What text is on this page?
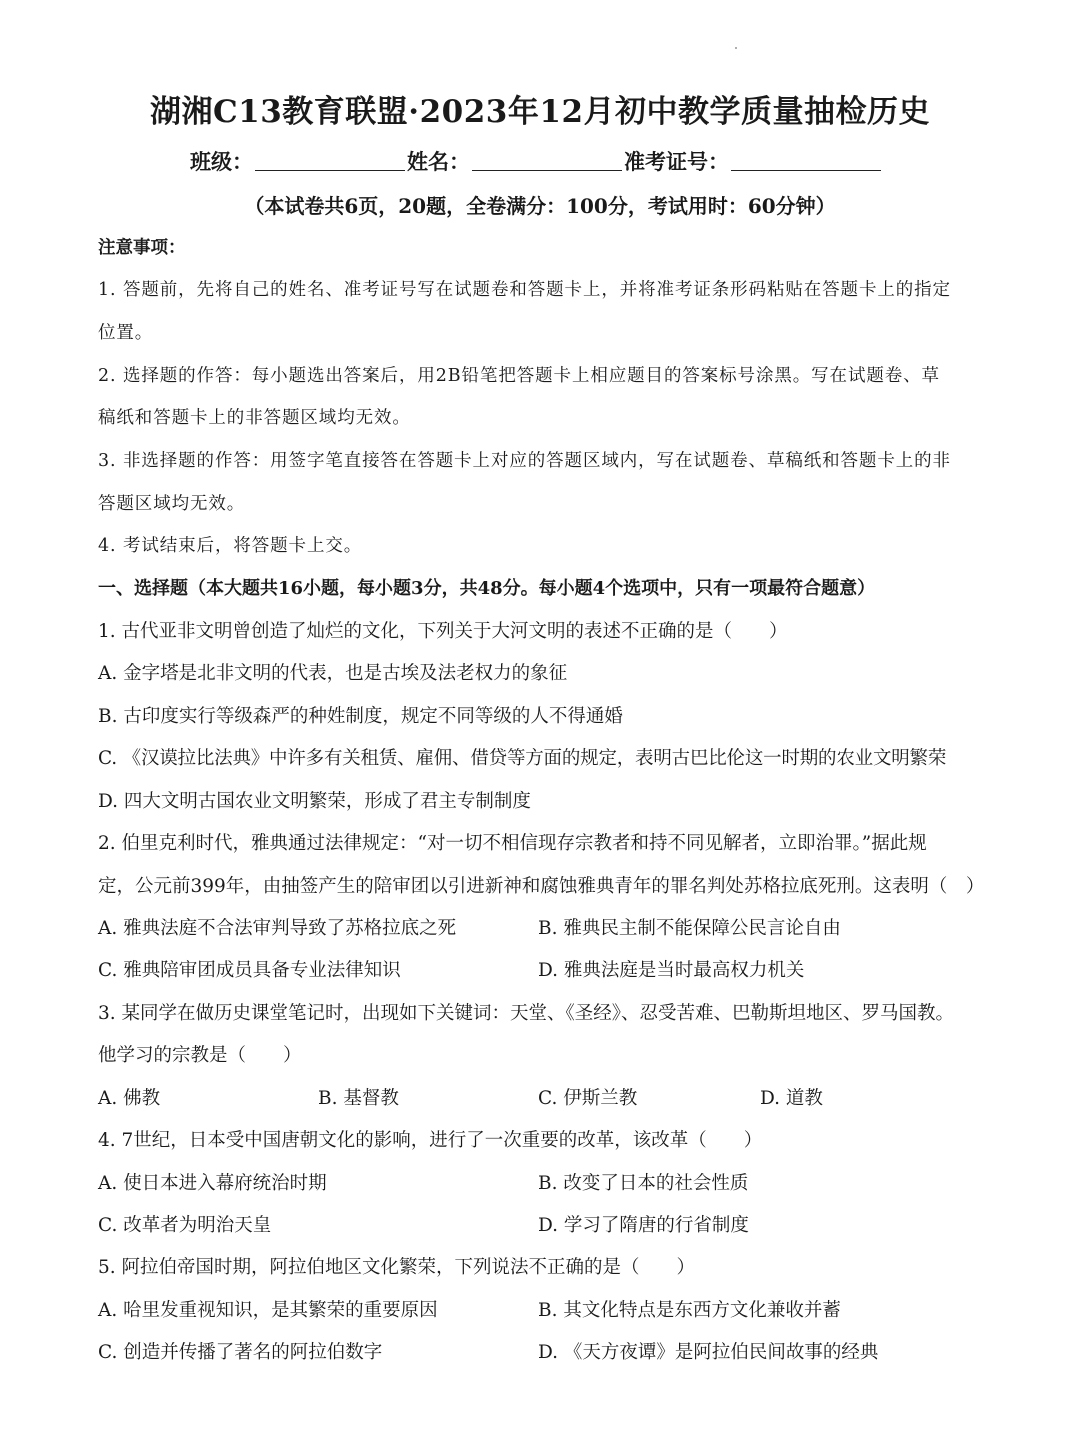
湖湘C13教育联盟·2023年12月初中教学质量抽检历史
班级：	姓名：	准考证号：
（本试卷共6页，20题，全卷满分：100分，考试用时：60分钟）
注意事项：
1. 答题前，先将自己的姓名、准考证号写在试题卷和答题卡上，并将准考证条形码粘贴在答题卡上的指定
位置。
2. 选择题的作答：每小题选出答案后，用2B铅笔把答题卡上相应题目的答案标号涂黑。写在试题卷、草
稿纸和答题卡上的非答题区域均无效。
3. 非选择题的作答：用签字笔直接答在答题卡上对应的答题区域内，写在试题卷、草稿纸和答题卡上的非
答题区域均无效。
4. 考试结束后，将答题卡上交。
一、选择题（本大题共16小题，每小题3分，共48分。每小题4个选项中，只有一项最符合题意）
1. 古代亚非文明曾创造了灿烂的文化，下列关于大河文明的表述不正确的是（　　）
A. 金字塔是北非文明的代表，也是古埃及法老权力的象征
B. 古印度实行等级森严的种姓制度，规定不同等级的人不得通婚
C. 《汉谟拉比法典》中许多有关租赁、雇佣、借贷等方面的规定，表明古巴比伦这一时期的农业文明繁荣
D. 四大文明古国农业文明繁荣，形成了君主专制制度
2. 伯里克利时代，雅典通过法律规定：“对一切不相信现存宗教者和持不同见解者，立即治罪。”据此规
定，公元前399年，由抽签产生的陪审团以引进新神和腐蚀雅典青年的罪名判处苏格拉底死刑。这表明（　）
A. 雅典法庭不合法审判导致了苏格拉底之死	B. 雅典民主制不能保障公民言论自由
C. 雅典陪审团成员具备专业法律知识	D. 雅典法庭是当时最高权力机关
3. 某同学在做历史课堂笔记时，出现如下关键词：天堂、《圣经》、忍受苦难、巴勒斯坦地区、罗马国教。
他学习的宗教是（　　）
A. 佛教	B. 基督教	C. 伊斯兰教	D. 道教
4. 7世纪，日本受中国唐朝文化的影响，进行了一次重要的改革，该改革（　　）
A. 使日本进入幕府统治时期	B. 改变了日本的社会性质
C. 改革者为明治天皇	D. 学习了隋唐的行省制度
5. 阿拉伯帝国时期，阿拉伯地区文化繁荣，下列说法不正确的是（　　）
A. 哈里发重视知识，是其繁荣的重要原因	B. 其文化特点是东西方文化兼收并蓄
C. 创造并传播了著名的阿拉伯数字	D. 《天方夜谭》是阿拉伯民间故事的经典
